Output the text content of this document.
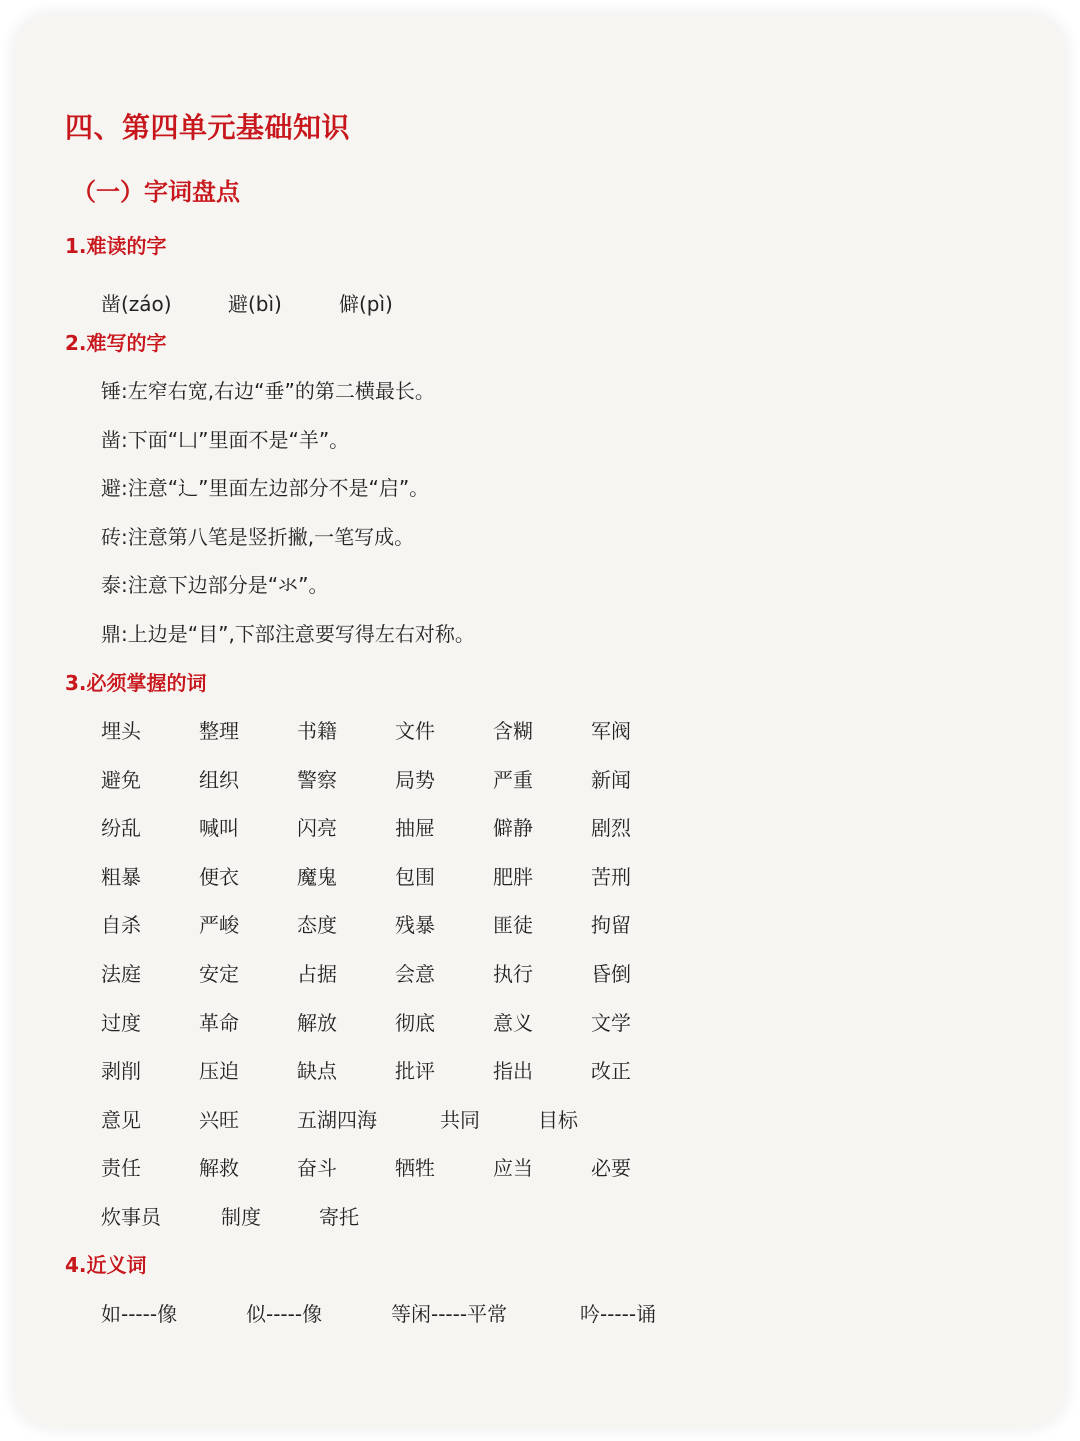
四、第四单元基础知识
（一）字词盘点
1.难读的字
凿(záo)	避(bì)	僻(pì)
2.难写的字
锤:左窄右宽,右边“垂”的第二横最长。
凿:下面“凵”里面不是“羊”。
避:注意“辶”里面左边部分不是“启”。
砖:注意第八笔是竖折撇,一笔写成。
泰:注意下边部分是“氺”。
鼎:上边是“目”,下部注意要写得左右对称。
3.必须掌握的词
埋头	整理	书籍	文件	含糊	军阀
避免	组织	警察	局势	严重	新闻
纷乱	喊叫	闪亮	抽屉	僻静	剧烈
粗暴	便衣	魔鬼	包围	肥胖	苦刑
自杀	严峻	态度	残暴	匪徒	拘留
法庭	安定	占据	会意	执行	昏倒
过度	革命	解放	彻底	意义	文学
剥削	压迫	缺点	批评	指出	改正
意见	兴旺	五湖四海	共同	目标
责任	解救	奋斗	牺牲	应当	必要
炊事员	制度	寄托
4.近义词
如-----像	似-----像	等闲-----平常	吟-----诵
